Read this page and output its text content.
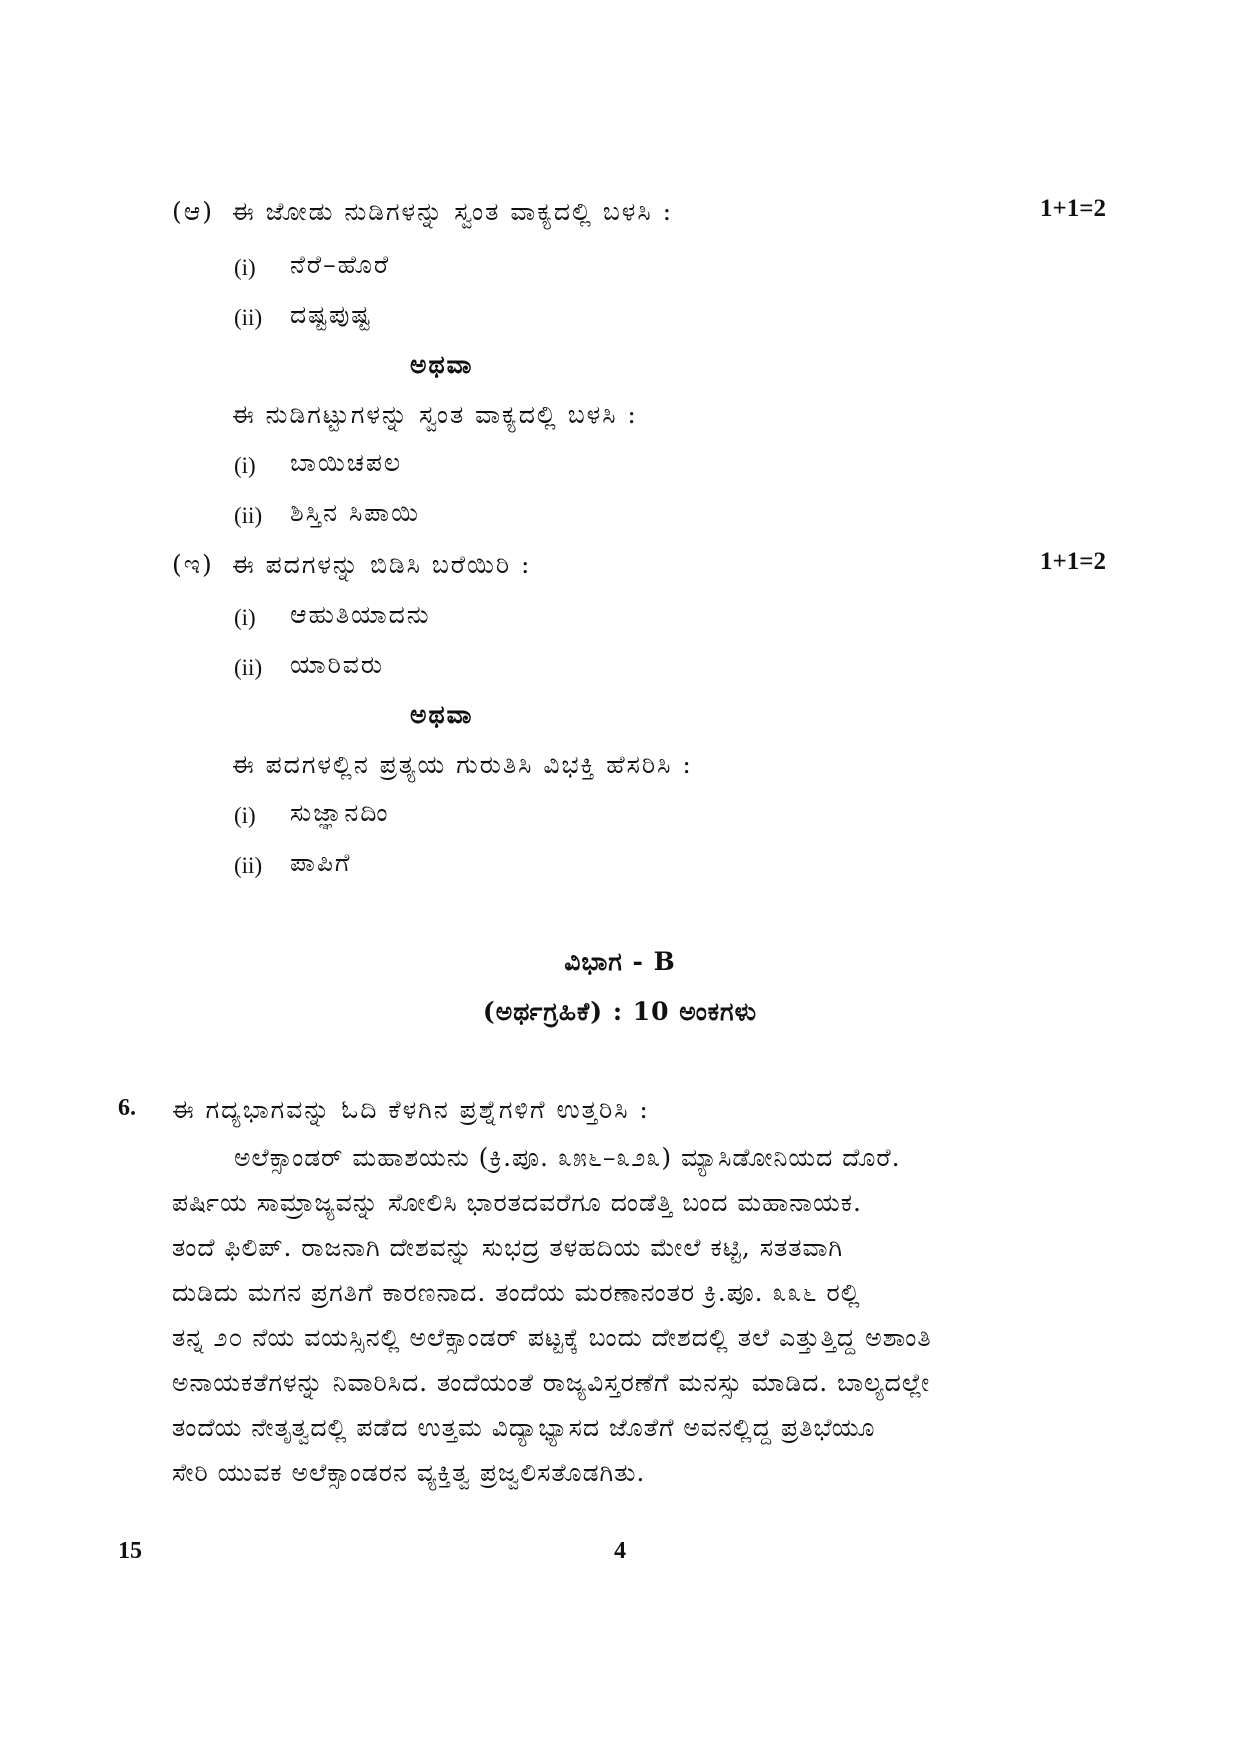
(ಆ) ಈ ಜೋಡು ನುಡಿಗಳನ್ನು ಸ್ವಂತ ವಾಕ್ಯದಲ್ಲಿ ಬಳಸಿ :	1+1=2
(i) ನೆರೆ–ಹೊರೆ
(ii) ದಷ್ಟಪುಷ್ಟ
ಅಥವಾ
ಈ ನುಡಿಗಟ್ಟುಗಳನ್ನು ಸ್ವಂತ ವಾಕ್ಯದಲ್ಲಿ ಬಳಸಿ :
(i) ಬಾಯಿಚಪಲ
(ii) ಶಿಸ್ತಿನ ಸಿಪಾಯಿ
(ಇ) ಈ ಪದಗಳನ್ನು ಬಿಡಿಸಿ ಬರೆಯಿರಿ :	1+1=2
(i) ಆಹುತಿಯಾದನು
(ii) ಯಾರಿವರು
ಅಥವಾ
ಈ ಪದಗಳಲ್ಲಿನ ಪ್ರತ್ಯಯ ಗುರುತಿಸಿ ವಿಭಕ್ತಿ ಹೆಸರಿಸಿ :
(i) ಸುಜ್ಞಾನದಿಂ
(ii) ಪಾಪಿಗೆ
ವಿಭಾಗ - B
(ಅರ್ಥಗ್ರಹಿಕೆ) : 10 ಅಂಕಗಳು
6. ಈ ಗದ್ಯಭಾಗವನ್ನು ಓದಿ ಕೆಳಗಿನ ಪ್ರಶ್ನೆಗಳಿಗೆ ಉತ್ತರಿಸಿ :
ಅಲೆಕ್ಸಾಂಡರ್ ಮಹಾಶಯನು (ಕ್ರಿ.ಪೂ. ೩೫೬–೩೨೩) ಮ್ಯಾಸಿಡೋನಿಯದ ದೊರೆ.
ಪರ್ಷಿಯ ಸಾಮ್ರಾಜ್ಯವನ್ನು ಸೋಲಿಸಿ ಭಾರತದವರೆಗೂ ದಂಡೆತ್ತಿ ಬಂದ ಮಹಾನಾಯಕ.
ತಂದೆ ಫಿಲಿಪ್. ರಾಜನಾಗಿ ದೇಶವನ್ನು ಸುಭದ್ರ ತಳಹದಿಯ ಮೇಲೆ ಕಟ್ಟಿ, ಸತತವಾಗಿ
ದುಡಿದು ಮಗನ ಪ್ರಗತಿಗೆ ಕಾರಣನಾದ. ತಂದೆಯ ಮರಣಾನಂತರ ಕ್ರಿ.ಪೂ. ೩೩೬ ರಲ್ಲಿ
ತನ್ನ ೨೦ ನೆಯ ವಯಸ್ಸಿನಲ್ಲಿ ಅಲೆಕ್ಸಾಂಡರ್ ಪಟ್ಟಕ್ಕೆ ಬಂದು ದೇಶದಲ್ಲಿ ತಲೆ ಎತ್ತುತ್ತಿದ್ದ ಅಶಾಂತಿ
ಅನಾಯಕತೆಗಳನ್ನು ನಿವಾರಿಸಿದ. ತಂದೆಯಂತೆ ರಾಜ್ಯವಿಸ್ತರಣೆಗೆ ಮನಸ್ಸು ಮಾಡಿದ. ಬಾಲ್ಯದಲ್ಲೇ
ತಂದೆಯ ನೇತೃತ್ವದಲ್ಲಿ ಪಡೆದ ಉತ್ತಮ ವಿದ್ಯಾಭ್ಯಾಸದ ಜೊತೆಗೆ ಅವನಲ್ಲಿದ್ದ ಪ್ರತಿಭೆಯೂ
ಸೇರಿ ಯುವಕ ಅಲೆಕ್ಸಾಂಡರನ ವ್ಯಕ್ತಿತ್ವ ಪ್ರಜ್ವಲಿಸತೊಡಗಿತು.
15	4
